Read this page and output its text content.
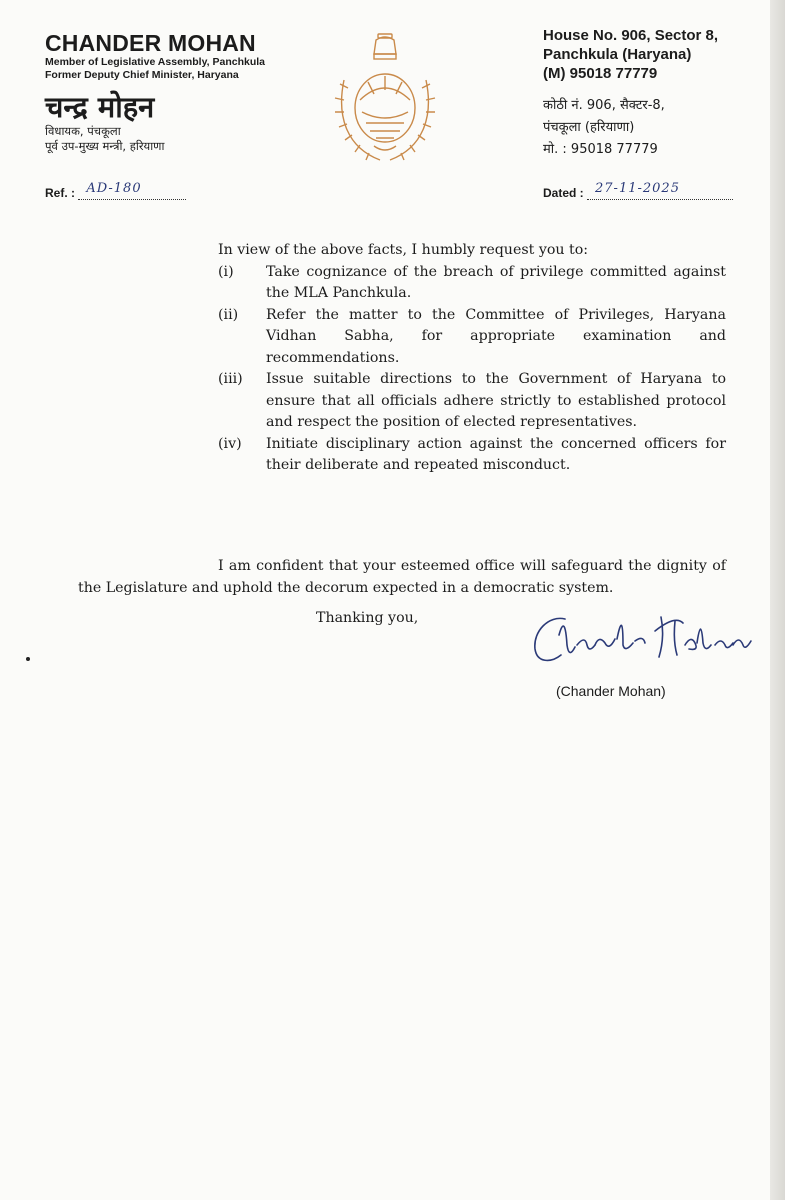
CHANDER MOHAN
Member of Legislative Assembly, Panchkula
Former Deputy Chief Minister, Haryana
चन्द्र मोहन
विधायक, पंचकूला
पूर्व उप-मुख्य मन्त्री, हरियाणा
House No. 906, Sector 8,
Panchkula (Haryana)
(M) 95018 77779
कोठी नं. 906, सैक्टर-8,
पंचकूला (हरियाणा)
मो. : 95018 77779
Ref. : AD-180	Dated : 27-11-2025

In view of the above facts, I humbly request you to:

(i)	Take cognizance of the breach of privilege committed against the MLA Panchkula.
(ii)	Refer the matter to the Committee of Privileges, Haryana Vidhan Sabha, for appropriate examination and recommendations.
(iii)	Issue suitable directions to the Government of Haryana to ensure that all officials adhere strictly to established protocol and respect the position of elected representatives.
(iv)	Initiate disciplinary action against the concerned officers for their deliberate and repeated misconduct.

I am confident that your esteemed office will safeguard the dignity of the Legislature and uphold the decorum expected in a democratic system.

Thanking you,
(Chander Mohan)
